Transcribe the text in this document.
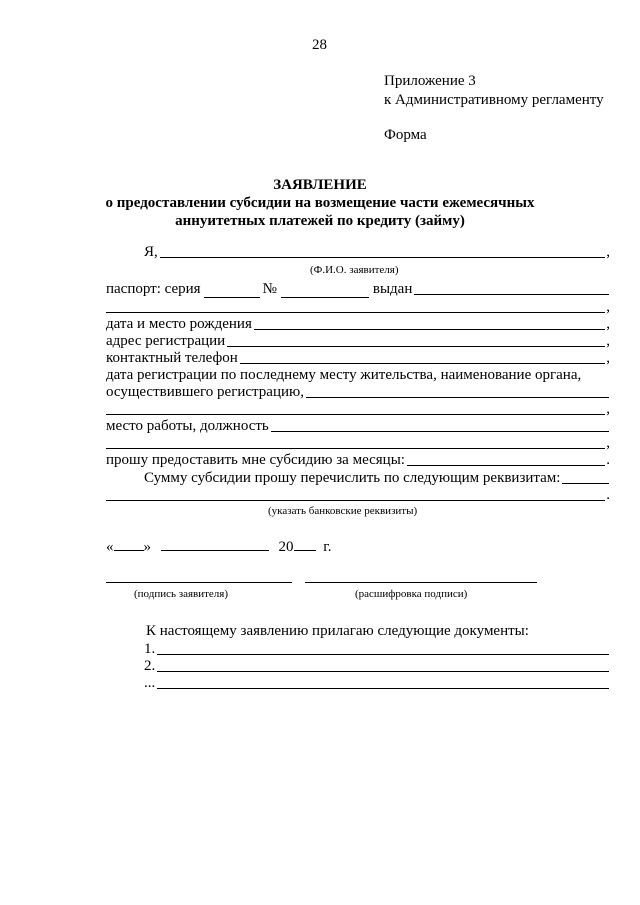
28
Приложение 3
к Административному регламенту
Форма
ЗАЯВЛЕНИЕ
о предоставлении субсидии на возмещение части ежемесячных
аннуитетных платежей по кредиту (займу)
Я,	,
(Ф.И.О. заявителя)
паспорт: серия	№	выдан
,
дата и место рождения	,
адрес регистрации	,
контактный телефон	,
дата регистрации по последнему месту жительства, наименование органа,
осуществившего регистрацию,
,
место работы, должность
,
прошу предоставить мне субсидию за месяцы:	.
Сумму субсидии прошу перечислить по следующим реквизитам:
.
(указать банковские реквизиты)
« »	20 г.
(подпись заявителя)	(расшифровка подписи)
К настоящему заявлению прилагаю следующие документы:
1.
2.
...
